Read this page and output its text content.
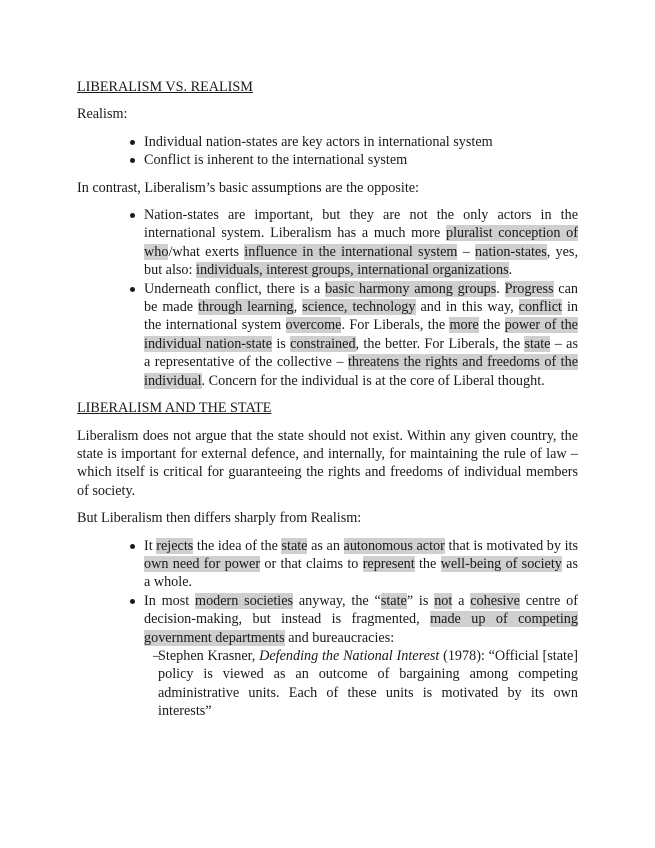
LIBERALISM VS. REALISM

Realism:

Individual nation-states are key actors in international system
Conflict is inherent to the international system

In contrast, Liberalism’s basic assumptions are the opposite:

Nation-states are important, but they are not the only actors in the international system. Liberalism has a much more pluralist conception of who/what exerts influence in the international system – nation-states, yes, but also: individuals, interest groups, international organizations.
Underneath conflict, there is a basic harmony among groups. Progress can be made through learning, science, technology and in this way, conflict in the international system overcome. For Liberals, the more the power of the individual nation-state is constrained, the better. For Liberals, the state – as a representative of the collective – threatens the rights and freedoms of the individual. Concern for the individual is at the core of Liberal thought.

LIBERALISM AND THE STATE

Liberalism does not argue that the state should not exist. Within any given country, the state is important for external defence, and internally, for maintaining the rule of law – which itself is critical for guaranteeing the rights and freedoms of individual members of society.

But Liberalism then differs sharply from Realism:

It rejects the idea of the state as an autonomous actor that is motivated by its own need for power or that claims to represent the well-being of society as a whole.
In most modern societies anyway, the “state” is not a cohesive centre of decision-making, but instead is fragmented, made up of competing government departments and bureaucracies:

–
Stephen Krasner, Defending the National Interest (1978): “Official [state] policy is viewed as an outcome of bargaining among competing administrative units. Each of these units is motivated by its own interests”
